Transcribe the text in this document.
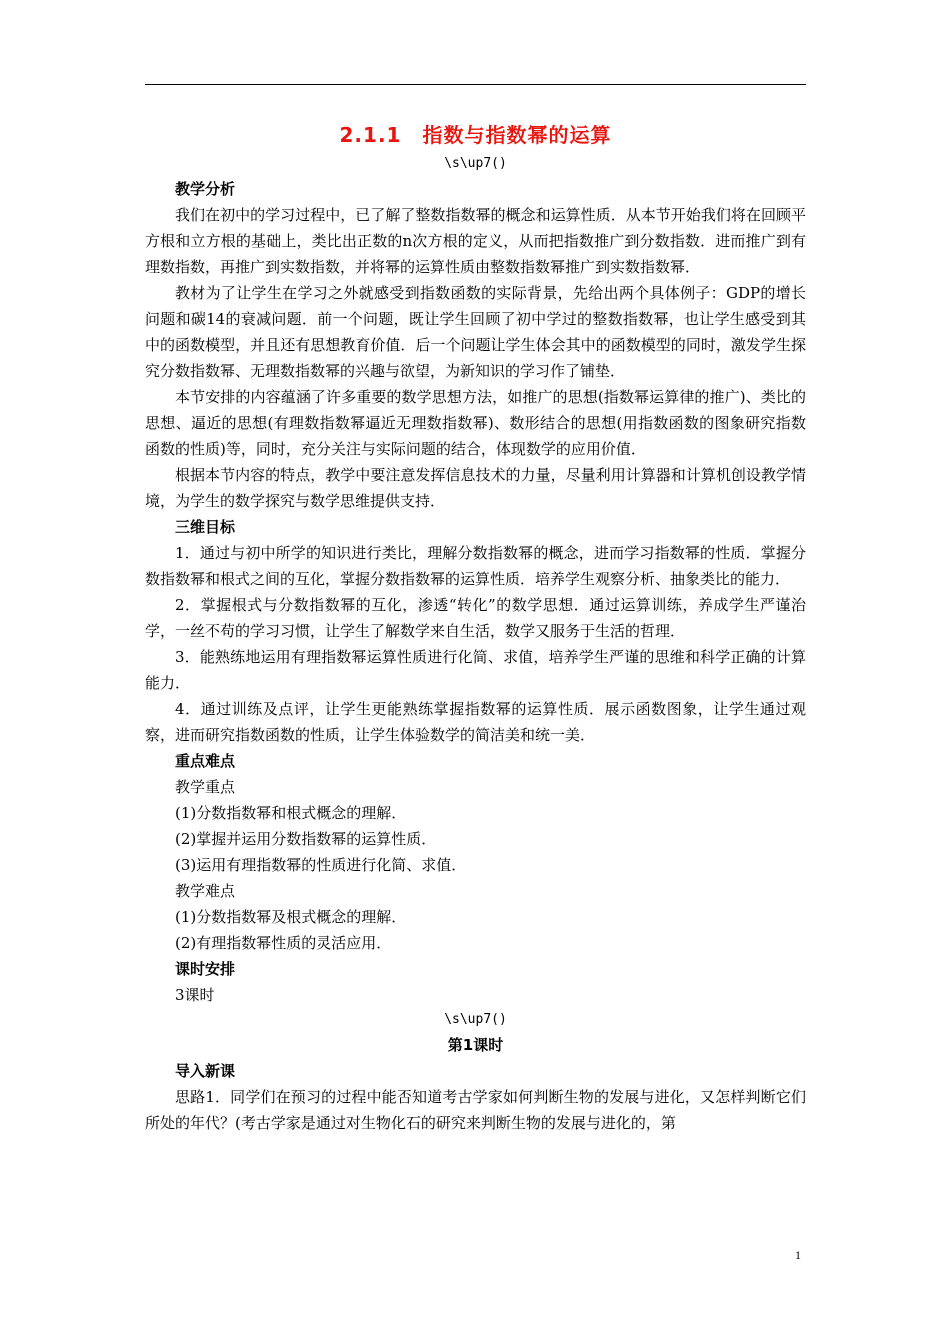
2.1.1　指数与指数幂的运算
\s\up7()
教学分析

我们在初中的学习过程中，已了解了整数指数幂的概念和运算性质．从本节开始我们将在回顾平方根和立方根的基础上，类比出正数的n次方根的定义，从而把指数推广到分数指数．进而推广到有理数指数，再推广到实数指数，并将幂的运算性质由整数指数幂推广到实数指数幂．

教材为了让学生在学习之外就感受到指数函数的实际背景，先给出两个具体例子：GDP的增长问题和碳14的衰减问题．前一个问题，既让学生回顾了初中学过的整数指数幂，也让学生感受到其中的函数模型，并且还有思想教育价值．后一个问题让学生体会其中的函数模型的同时，激发学生探究分数指数幂、无理数指数幂的兴趣与欲望，为新知识的学习作了铺垫．

本节安排的内容蕴涵了许多重要的数学思想方法，如推广的思想(指数幂运算律的推广)、类比的思想、逼近的思想(有理数指数幂逼近无理数指数幂)、数形结合的思想(用指数函数的图象研究指数函数的性质)等，同时，充分关注与实际问题的结合，体现数学的应用价值．

根据本节内容的特点，教学中要注意发挥信息技术的力量，尽量利用计算器和计算机创设教学情境，为学生的数学探究与数学思维提供支持．

三维目标

1．通过与初中所学的知识进行类比，理解分数指数幂的概念，进而学习指数幂的性质．掌握分数指数幂和根式之间的互化，掌握分数指数幂的运算性质．培养学生观察分析、抽象类比的能力．

2．掌握根式与分数指数幂的互化，渗透“转化”的数学思想．通过运算训练，养成学生严谨治学，一丝不苟的学习习惯，让学生了解数学来自生活，数学又服务于生活的哲理．

3．能熟练地运用有理指数幂运算性质进行化简、求值，培养学生严谨的思维和科学正确的计算能力．

4．通过训练及点评，让学生更能熟练掌握指数幂的运算性质．展示函数图象，让学生通过观察，进而研究指数函数的性质，让学生体验数学的简洁美和统一美．

重点难点

教学重点

(1)分数指数幂和根式概念的理解．

(2)掌握并运用分数指数幂的运算性质．

(3)运用有理指数幂的性质进行化简、求值．

教学难点

(1)分数指数幂及根式概念的理解．

(2)有理指数幂性质的灵活应用．

课时安排

3课时

\s\up7()
第1课时
导入新课

思路1．同学们在预习的过程中能否知道考古学家如何判断生物的发展与进化，又怎样判断它们所处的年代？(考古学家是通过对生物化石的研究来判断生物的发展与进化的，第

1
